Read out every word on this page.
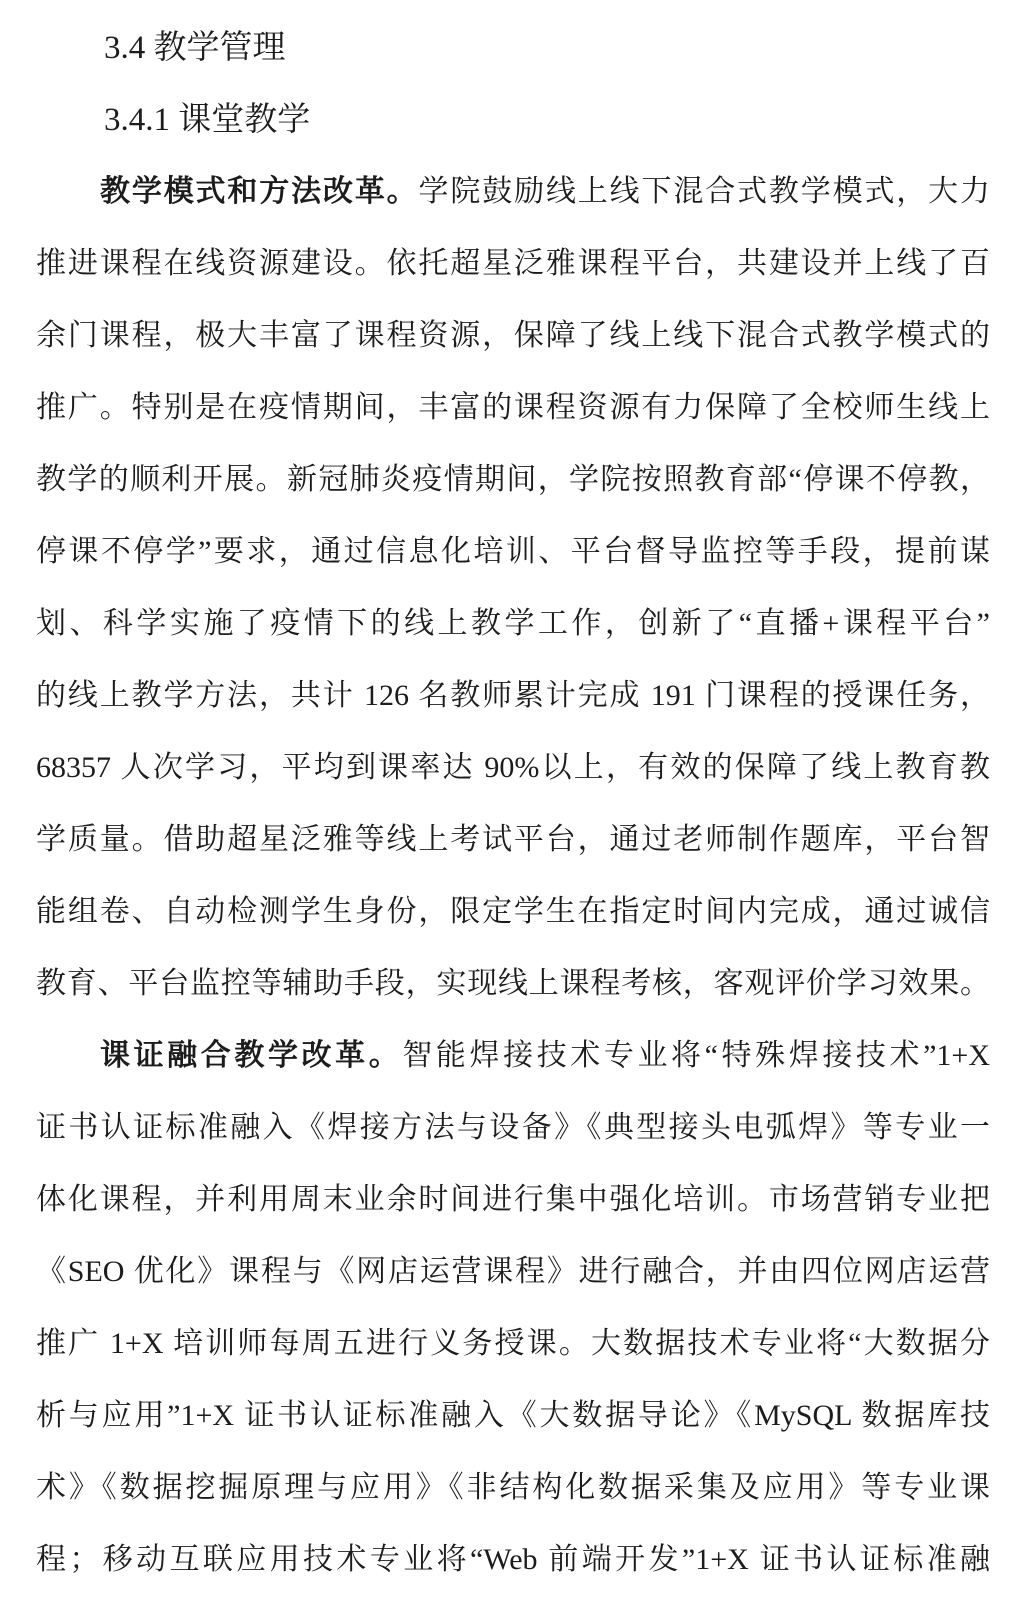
3.4 教学管理
3.4.1 课堂教学
教学模式和方法改革。学院鼓励线上线下混合式教学模式，大力
推进课程在线资源建设。依托超星泛雅课程平台，共建设并上线了百
余门课程，极大丰富了课程资源，保障了线上线下混合式教学模式的
推广。特别是在疫情期间，丰富的课程资源有力保障了全校师生线上
教学的顺利开展。新冠肺炎疫情期间，学院按照教育部“停课不停教，
停课不停学”要求，通过信息化培训、平台督导监控等手段，提前谋
划、科学实施了疫情下的线上教学工作，创新了“直播+课程平台”
的线上教学方法，共计 126 名教师累计完成 191 门课程的授课任务，
68357 人次学习，平均到课率达 90%以上，有效的保障了线上教育教
学质量。借助超星泛雅等线上考试平台，通过老师制作题库，平台智
能组卷、自动检测学生身份，限定学生在指定时间内完成，通过诚信
教育、平台监控等辅助手段，实现线上课程考核，客观评价学习效果。
课证融合教学改革。智能焊接技术专业将“特殊焊接技术”1+X
证书认证标准融入《焊接方法与设备》《典型接头电弧焊》等专业一
体化课程，并利用周末业余时间进行集中强化培训。市场营销专业把
《SEO 优化》课程与《网店运营课程》进行融合，并由四位网店运营
推广 1+X 培训师每周五进行义务授课。大数据技术专业将“大数据分
析与应用”1+X 证书认证标准融入《大数据导论》《MySQL 数据库技
术》《数据挖掘原理与应用》《非结构化数据采集及应用》等专业课
程；移动互联应用技术专业将“Web 前端开发”1+X 证书认证标准融
